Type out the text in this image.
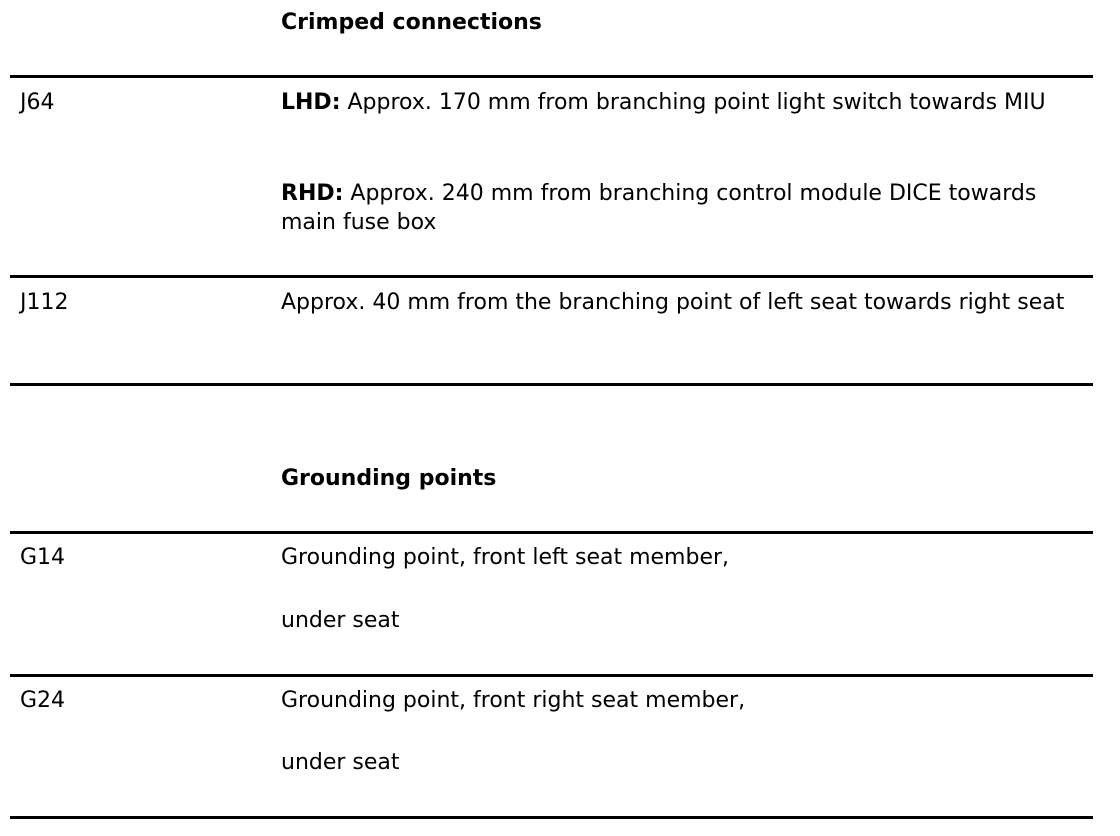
Crimped connections

J64	LHD: Approx. 170 mm from branching point light switch towards MIU

RHD: Approx. 240 mm from branching control module DICE towards main fuse box

J112	Approx. 40 mm from the branching point of left seat towards right seat

Grounding points

G14	Grounding point, front left seat member,

under seat

G24	Grounding point, front right seat member,

under seat
